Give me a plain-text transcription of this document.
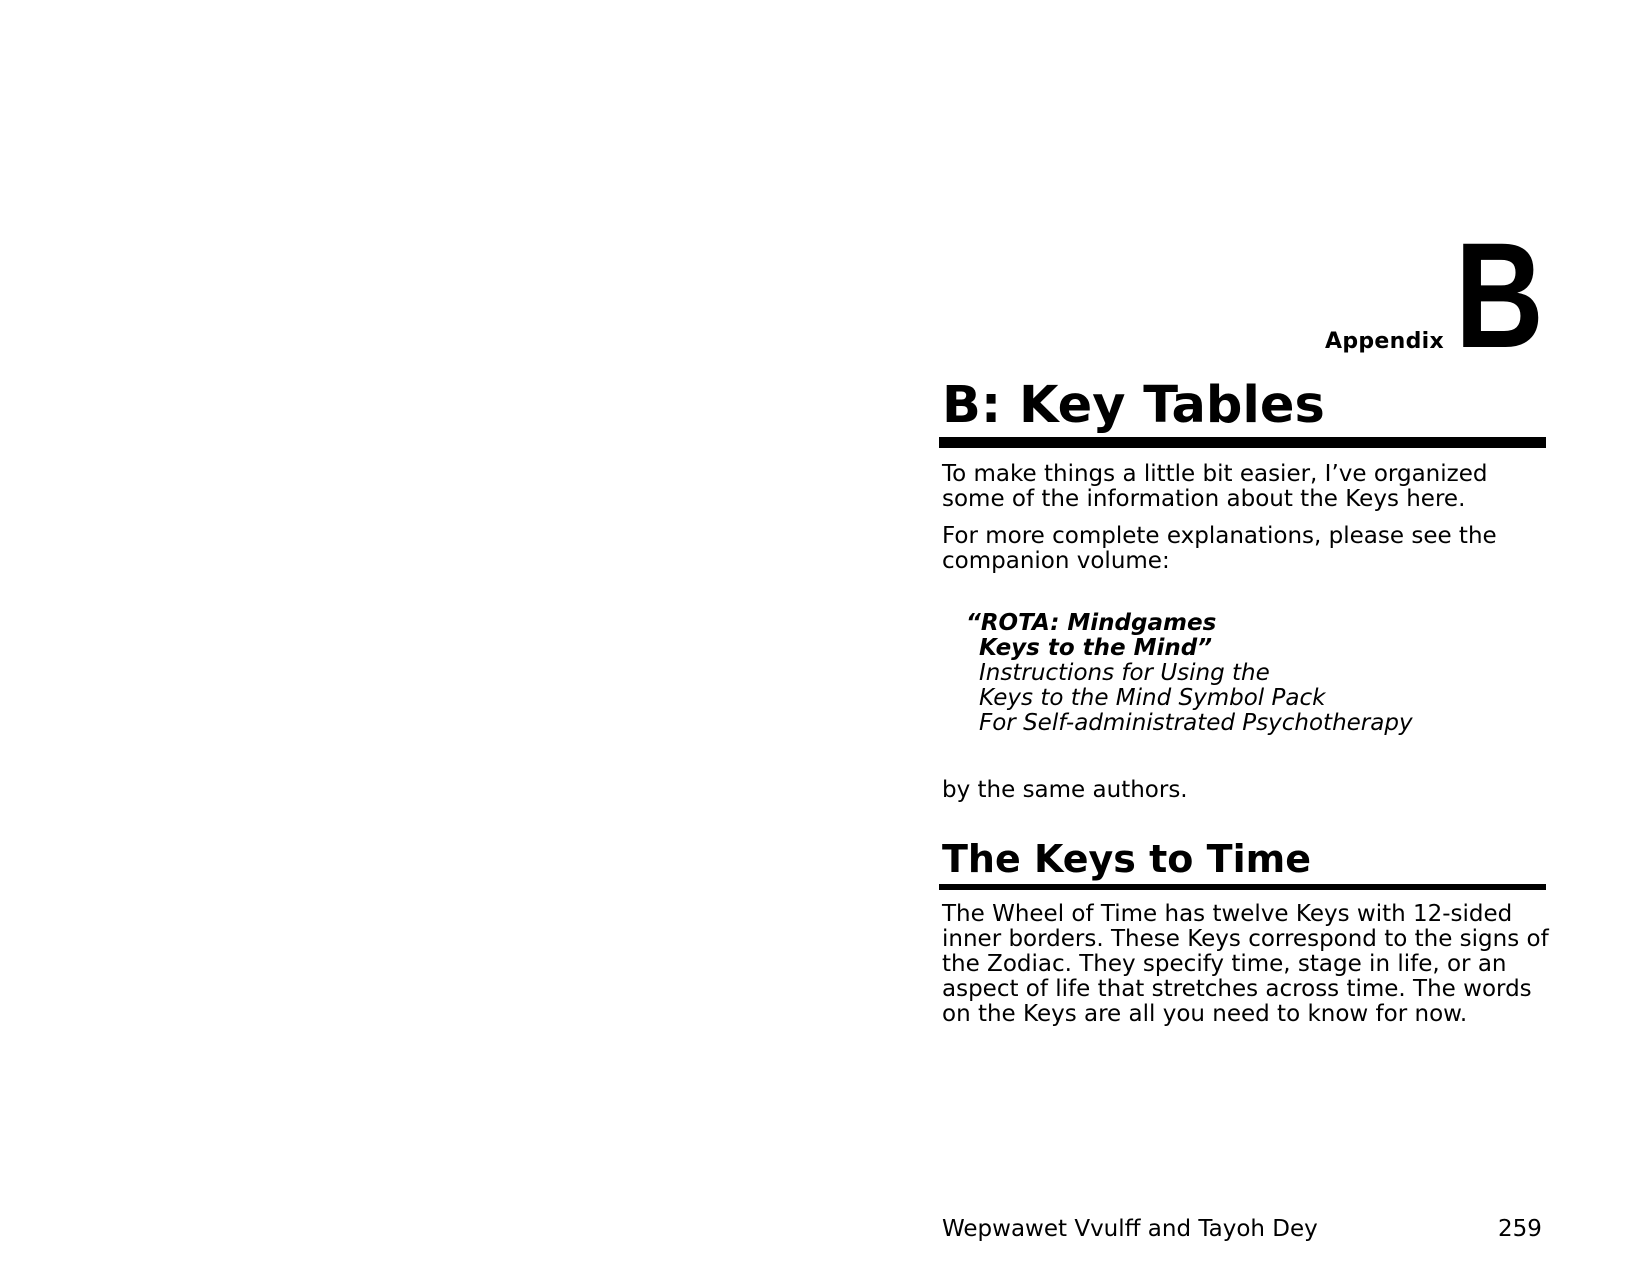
Appendix B
B: Key Tables

To make things a little bit easier, I’ve organized some of the information about the Keys here.

For more complete explanations, please see the companion volume:

“ROTA: Mindgames
Keys to the Mind”
Instructions for Using the
Keys to the Mind Symbol Pack
For Self-administrated Psychotherapy

by the same authors.

The Keys to Time

The Wheel of Time has twelve Keys with 12-sided inner borders. These Keys correspond to the signs of the Zodiac. They specify time, stage in life, or an aspect of life that stretches across time. The words on the Keys are all you need to know for now.

Wepwawet Vvulff and Tayoh Dey	259
